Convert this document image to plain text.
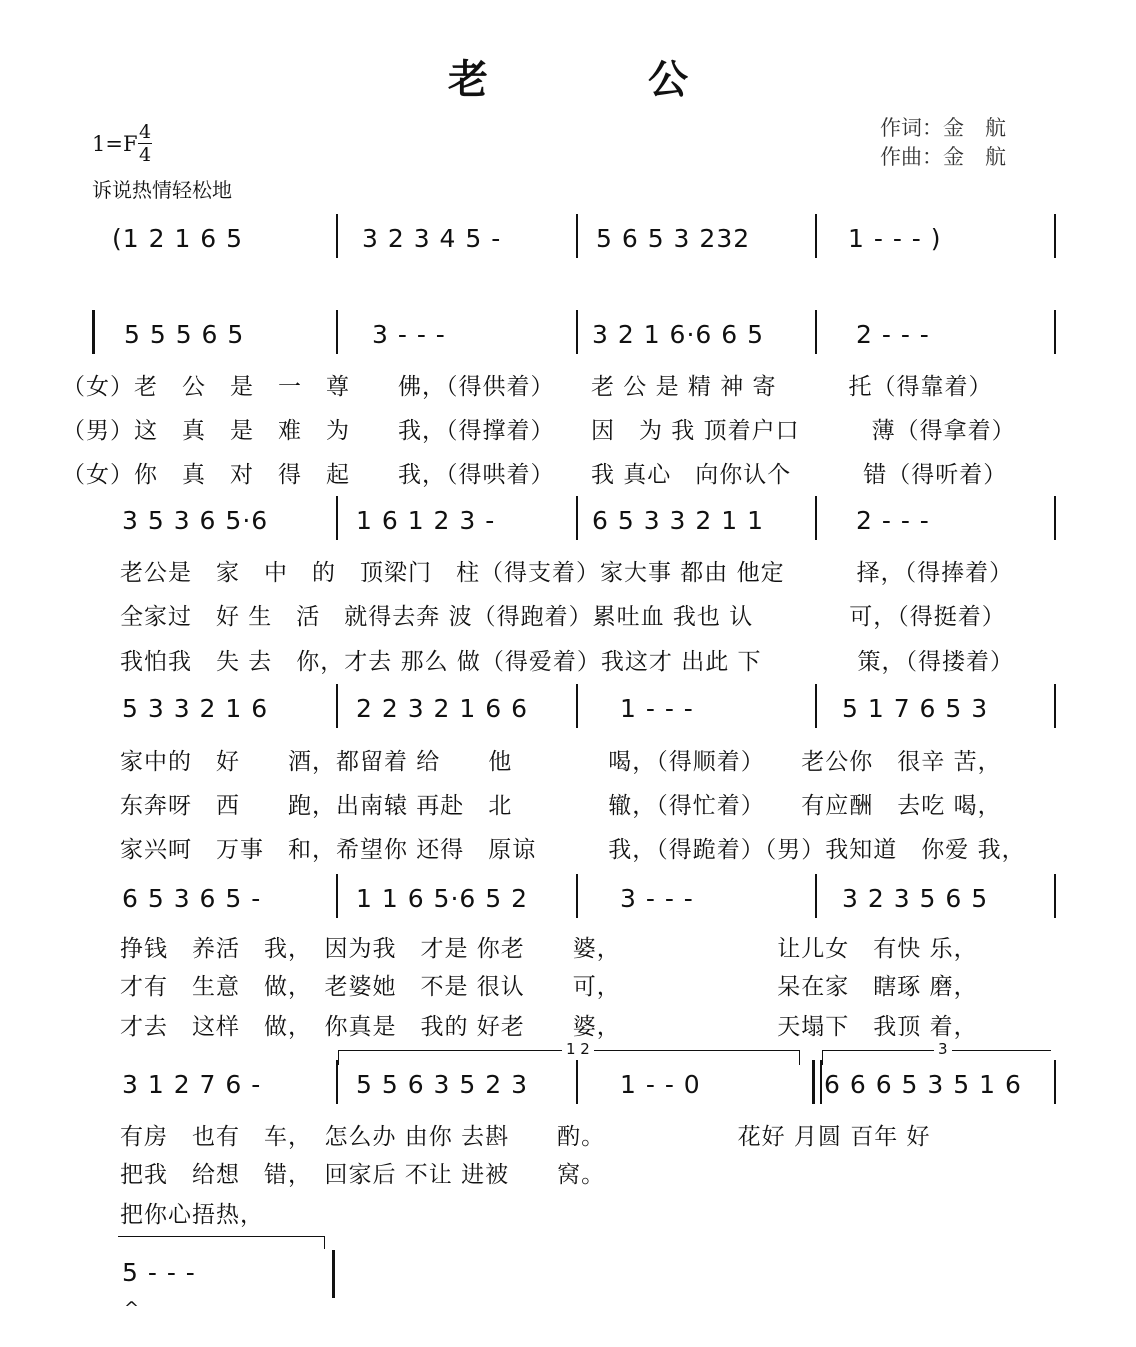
老　公
作词：金　航
作曲：金　航
1=F 4
4
诉说热情轻松地
(1 2 1 6 5	3 2 3 4 5 -	5 6 5 3 232	1 - - - )
5 5 5 6 5	3 - - -	3 2 1 6·6 6 5	2 - - -
（女）老　公　是　一　尊　　佛，（得供着）　　老 公 是 精 神 寄　　　托（得靠着）
（男）这　真　是　难　为　　我，（得撑着）　　因　为 我 顶着户口　　　薄（得拿着）
（女）你　真　对　得　起　　我，（得哄着）　　我 真心　向你认个　　　错（得听着）
3 5 3 6 5·6	1 6 1 2 3 -	6 5 3 3 2 1 1	2 - - -
老公是　家　中　的　顶梁门　柱（得支着）家大事 都由 他定　　　择，（得捧着）
全家过　好 生　活　就得去奔 波（得跑着）累吐血 我也 认　　　　可，（得挺着）
我怕我　失 去　你，才去 那么 做（得爱着）我这才 出此 下　　　　策，（得搂着）
5 3 3 2 1 6	2 2 3 2 1 6 6	1 - - -	5 1 7 6 5 3
家中的　好　　酒，都留着 给　　他　　　　喝，（得顺着）　　老公你　很辛 苦，
东奔呀　西　　跑，出南辕 再赴　北　　　　辙，（得忙着）　　有应酬　去吃 喝，
家兴呵　万事　和，希望你 还得　原谅　　　我，（得跪着）（男）我知道　你爱 我，
6 5 3 6 5 -	1 1 6 5·6 5 2	3 - - -	3 2 3 5 6 5
挣钱　养活　我，　因为我　才是 你老　　婆，　　　　　　　让儿女　有快 乐，
才有　生意　做，　老婆她　不是 很认　　可，　　　　　　　呆在家　瞎琢 磨，
才去　这样　做，　你真是　我的 好老　　婆，　　　　　　　天塌下　我顶 着，
1 2	3
3 1 2 7 6 -	5 5 6 3 5 2 3	1 - - 0	6 6 6 5 3 5 1 6
有房　也有　车，　怎么办 由你 去斟　　酌。　　　　　　花好 月圆 百年 好
把我　给想　错，　回家后 不让 进被　　窝。
把你心捂热，
5 - - -
^
